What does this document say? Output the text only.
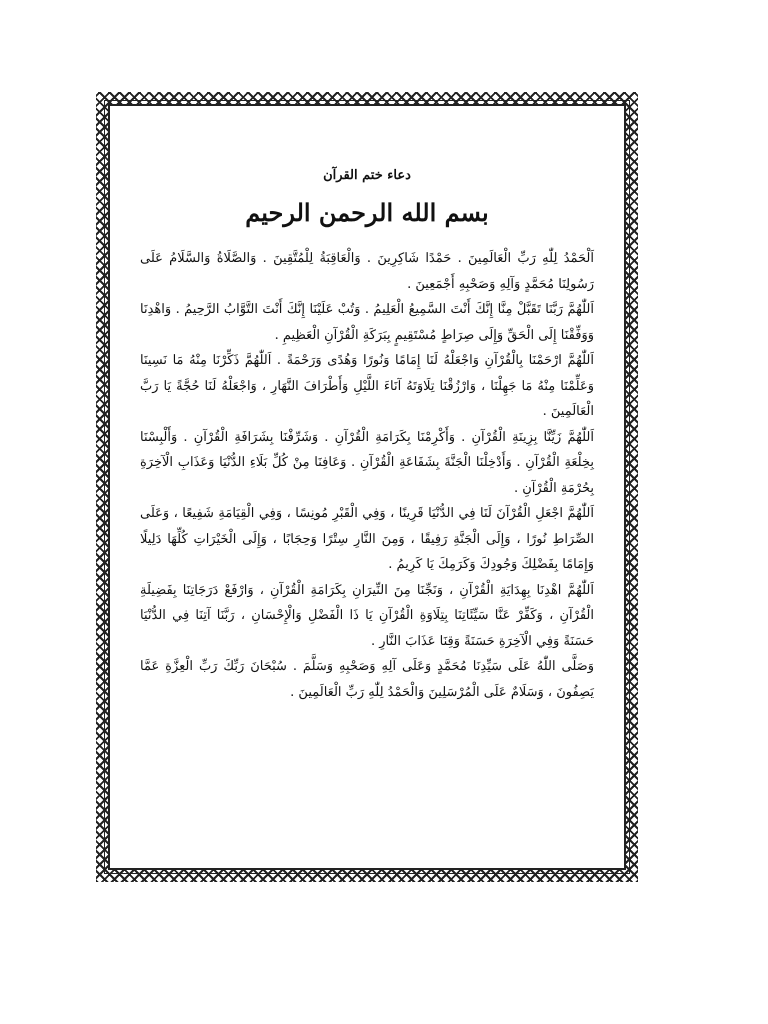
دعاء ختم القرآن
بسم الله الرحمن الرحيم

اَلْحَمْدُ لِلّٰهِ رَبِّ الْعَالَمِينَ . حَمْدًا شَاكِرِينَ . وَالْعَاقِبَةُ لِلْمُتَّقِينَ . وَالصَّلَاةُ وَالسَّلَامُ عَلَى رَسُولِنَا مُحَمَّدٍ وَآلِهِ وَصَحْبِهِ أَجْمَعِينَ .

اَللّٰهُمَّ رَبَّنَا تَقَبَّلْ مِنَّا إِنَّكَ أَنْتَ السَّمِيعُ الْعَلِيمُ . وَتُبْ عَلَيْنَا إِنَّكَ أَنْتَ التَّوَّابُ الرَّحِيمُ . وَاهْدِنَا وَوَفِّقْنَا إِلَى الْحَقِّ وَإِلَى صِرَاطٍ مُسْتَقِيمٍ بِبَرَكَةِ الْقُرْآنِ الْعَظِيمِ .

اَللّٰهُمَّ ارْحَمْنَا بِالْقُرْآنِ وَاجْعَلْهُ لَنَا إِمَامًا وَنُورًا وَهُدًى وَرَحْمَةً . اَللّٰهُمَّ ذَكِّرْنَا مِنْهُ مَا نَسِينَا وَعَلِّمْنَا مِنْهُ مَا جَهِلْنَا ، وَارْزُقْنَا تِلَاوَتَهُ آنَاءَ اللَّيْلِ وَأَطْرَافَ النَّهَارِ ، وَاجْعَلْهُ لَنَا حُجَّةً يَا رَبَّ الْعَالَمِينَ .

اَللّٰهُمَّ زَيِّنَّا بِزِينَةِ الْقُرْآنِ . وَأَكْرِمْنَا بِكَرَامَةِ الْقُرْآنِ . وَشَرِّفْنَا بِشَرَافَةِ الْقُرْآنِ . وَأَلْبِسْنَا بِخِلْعَةِ الْقُرْآنِ . وَأَدْخِلْنَا الْجَنَّةَ بِشَفَاعَةِ الْقُرْآنِ . وَعَافِنَا مِنْ كُلِّ بَلَاءِ الدُّنْيَا وَعَذَابِ الْآخِرَةِ بِحُرْمَةِ الْقُرْآنِ .

اَللّٰهُمَّ اجْعَلِ الْقُرْآنَ لَنَا فِي الدُّنْيَا قَرِينًا ، وَفِي الْقَبْرِ مُونِسًا ، وَفِي الْقِيَامَةِ شَفِيعًا ، وَعَلَى الصِّرَاطِ نُورًا ، وَإِلَى الْجَنَّةِ رَفِيقًا ، وَمِنَ النَّارِ سِتْرًا وَحِجَابًا ، وَإِلَى الْخَيْرَاتِ كُلِّهَا دَلِيلًا وَإِمَامًا بِفَضْلِكَ وَجُودِكَ وَكَرَمِكَ يَا كَرِيمُ .

اَللّٰهُمَّ اهْدِنَا بِهِدَايَةِ الْقُرْآنِ ، وَنَجِّنَا مِنَ النِّيرَانِ بِكَرَامَةِ الْقُرْآنِ ، وَارْفَعْ دَرَجَاتِنَا بِفَضِيلَةِ الْقُرْآنِ ، وَكَفِّرْ عَنَّا سَيِّئَاتِنَا بِتِلَاوَةِ الْقُرْآنِ يَا ذَا الْفَضْلِ وَالْإِحْسَانِ ، رَبَّنَا آتِنَا فِي الدُّنْيَا حَسَنَةً وَفِي الْآخِرَةِ حَسَنَةً وَقِنَا عَذَابَ النَّارِ .

وَصَلَّى اللّٰهُ عَلَى سَيِّدِنَا مُحَمَّدٍ وَعَلَى آلِهِ وَصَحْبِهِ وَسَلَّمَ . سُبْحَانَ رَبِّكَ رَبِّ الْعِزَّةِ عَمَّا يَصِفُونَ ، وَسَلَامٌ عَلَى الْمُرْسَلِينَ وَالْحَمْدُ لِلّٰهِ رَبِّ الْعَالَمِينَ .
